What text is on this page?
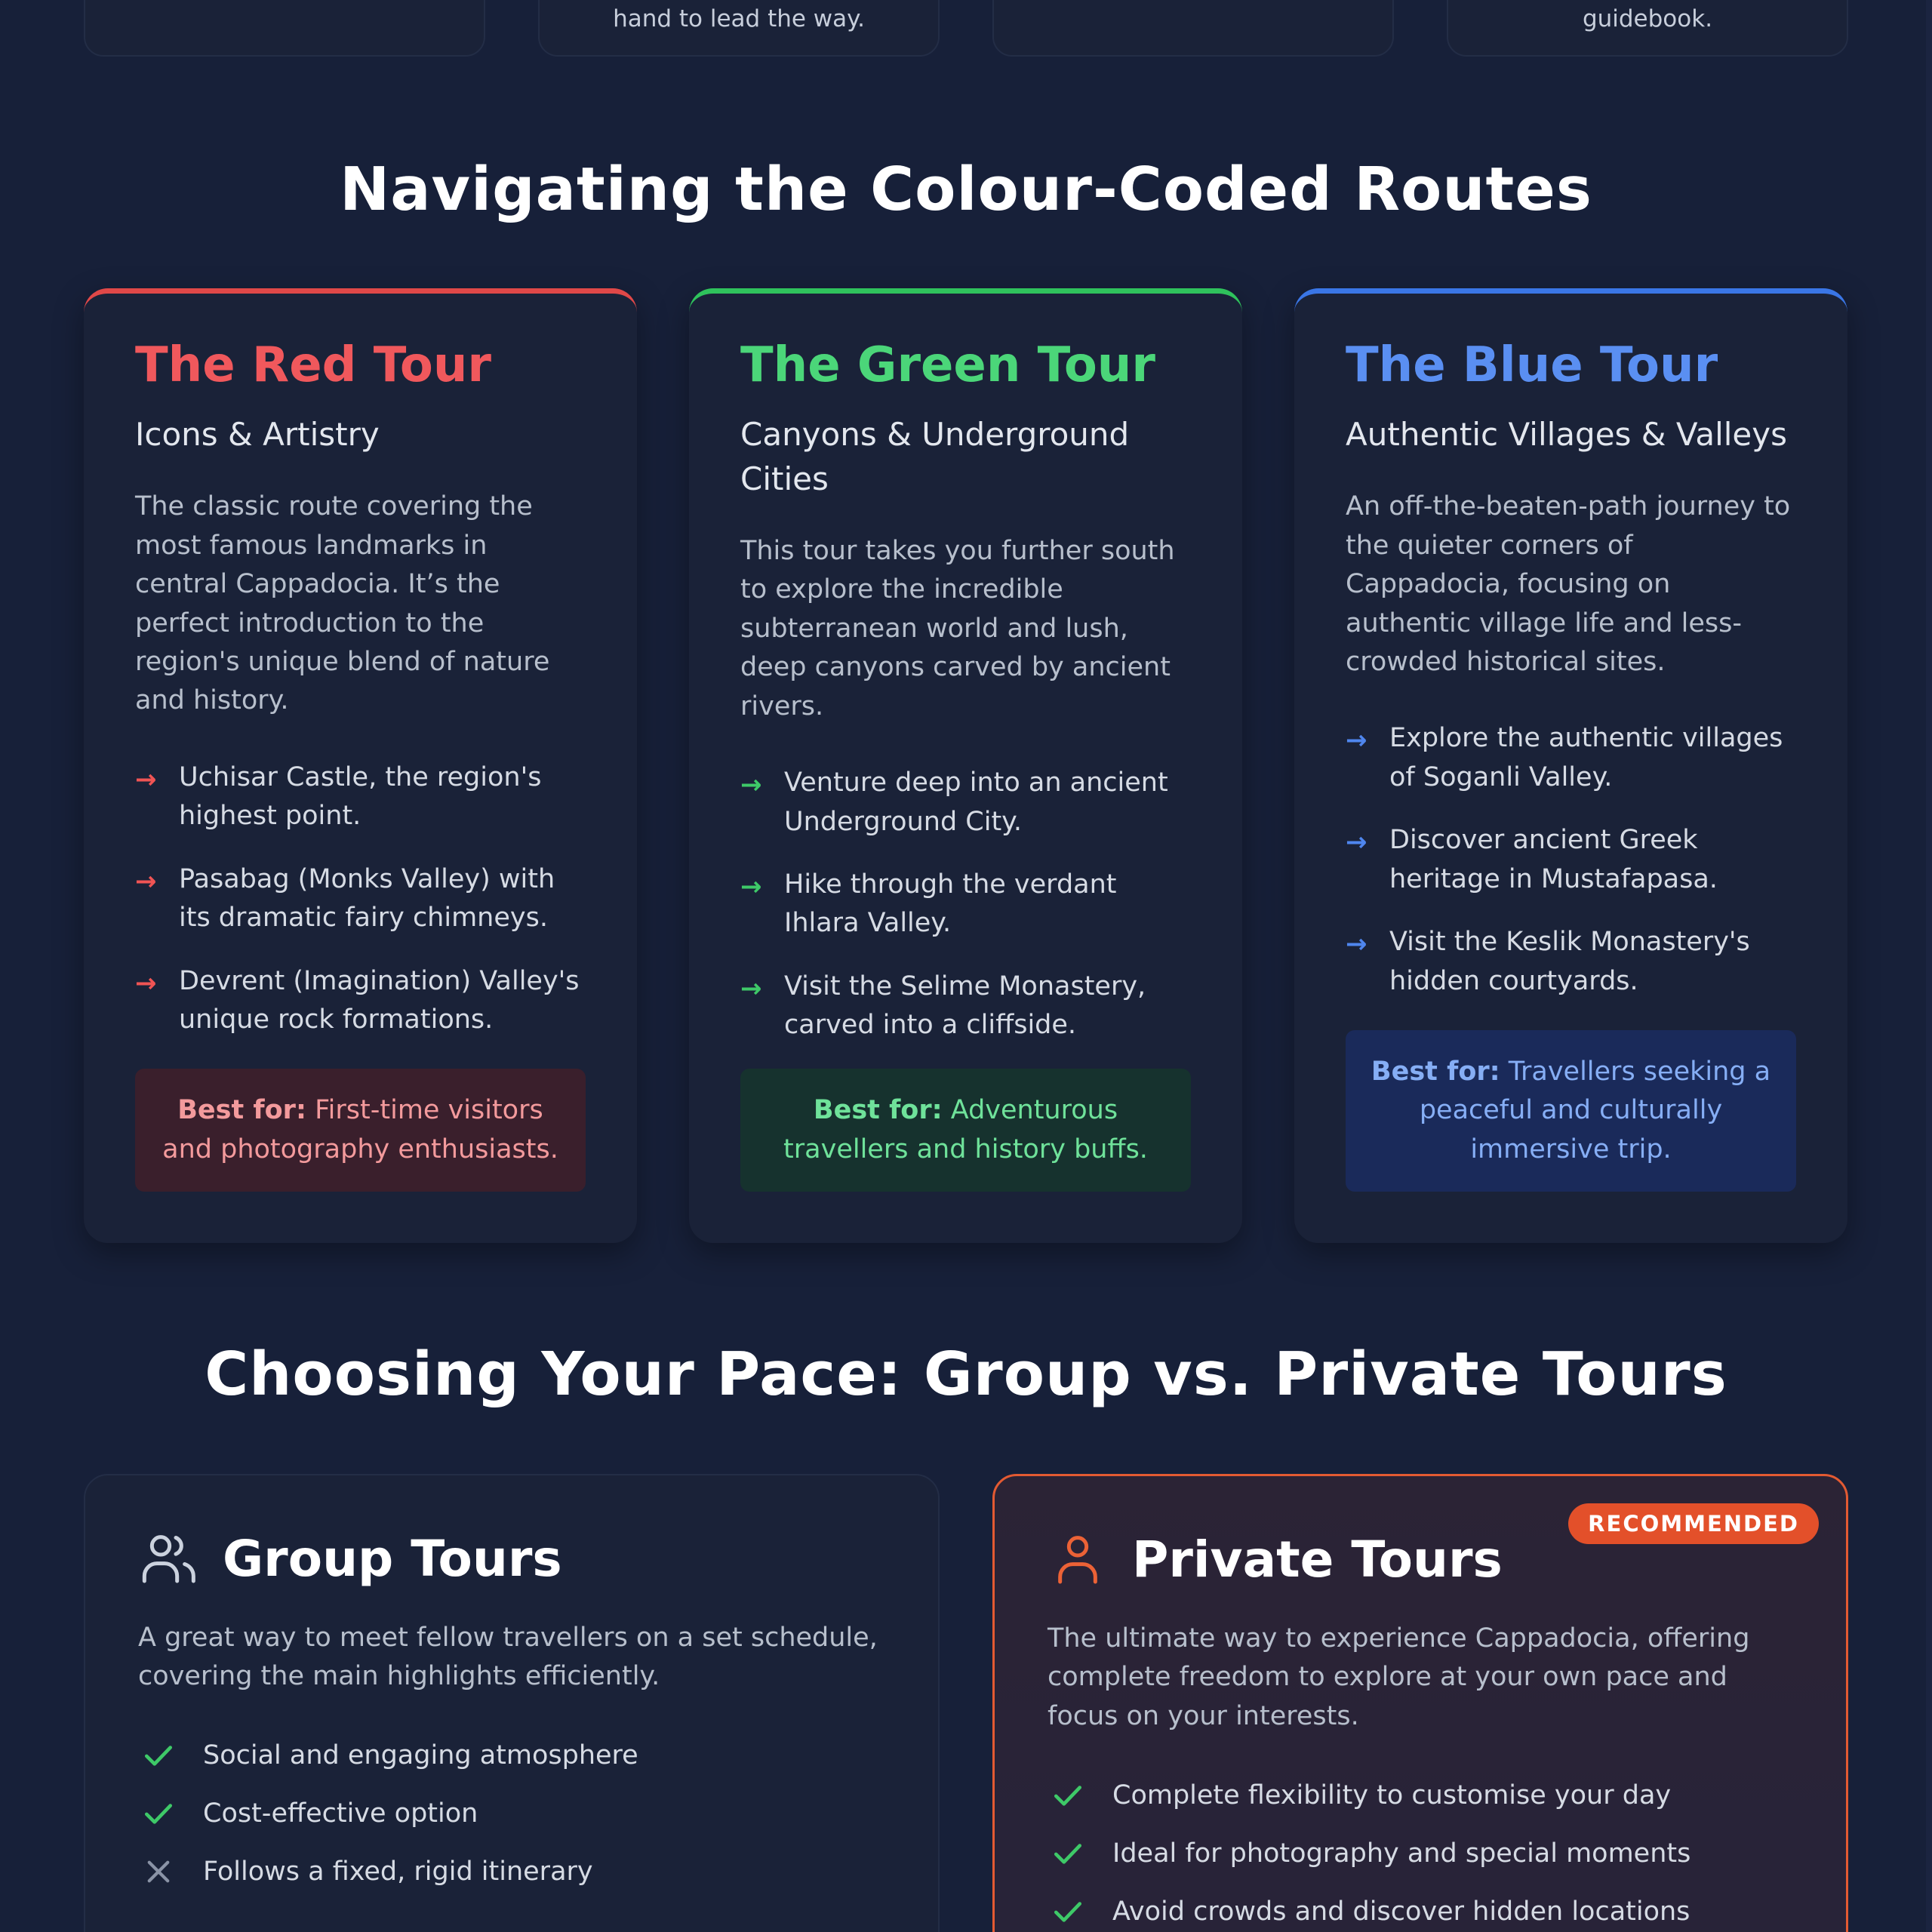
hand to lead the way.	guidebook.
Navigating the Colour-Coded Routes
The Red Tour

Icons & Artistry

The classic route covering the most famous landmarks in central Cappadocia. It’s the perfect introduction to the region's unique blend of nature and history.

→ Uchisar Castle, the region's highest point.
→ Pasabag (Monks Valley) with its dramatic fairy chimneys.
→ Devrent (Imagination) Valley's unique rock formations.
Best for: First-time visitors and photography enthusiasts.
The Green Tour

Canyons & Underground Cities

This tour takes you further south to explore the incredible subterranean world and lush, deep canyons carved by ancient rivers.

→ Venture deep into an ancient Underground City.
→ Hike through the verdant Ihlara Valley.
→ Visit the Selime Monastery, carved into a cliffside.
Best for: Adventurous travellers and history buffs.
The Blue Tour

Authentic Villages & Valleys

An off-the-beaten-path journey to the quieter corners of Cappadocia, focusing on authentic village life and less-crowded historical sites.

→ Explore the authentic villages of Soganli Valley.
→ Discover ancient Greek heritage in Mustafapasa.
→ Visit the Keslik Monastery's hidden courtyards.
Best for: Travellers seeking a peaceful and culturally immersive trip.
Choosing Your Pace: Group vs. Private Tours
Group Tours

A great way to meet fellow travellers on a set schedule, covering the main highlights efficiently.

Social and engaging atmosphere
Cost-effective option
Follows a fixed, rigid itinerary
RECOMMENDED
Private Tours

The ultimate way to experience Cappadocia, offering complete freedom to explore at your own pace and focus on your interests.

Complete flexibility to customise your day
Ideal for photography and special moments
Avoid crowds and discover hidden locations
